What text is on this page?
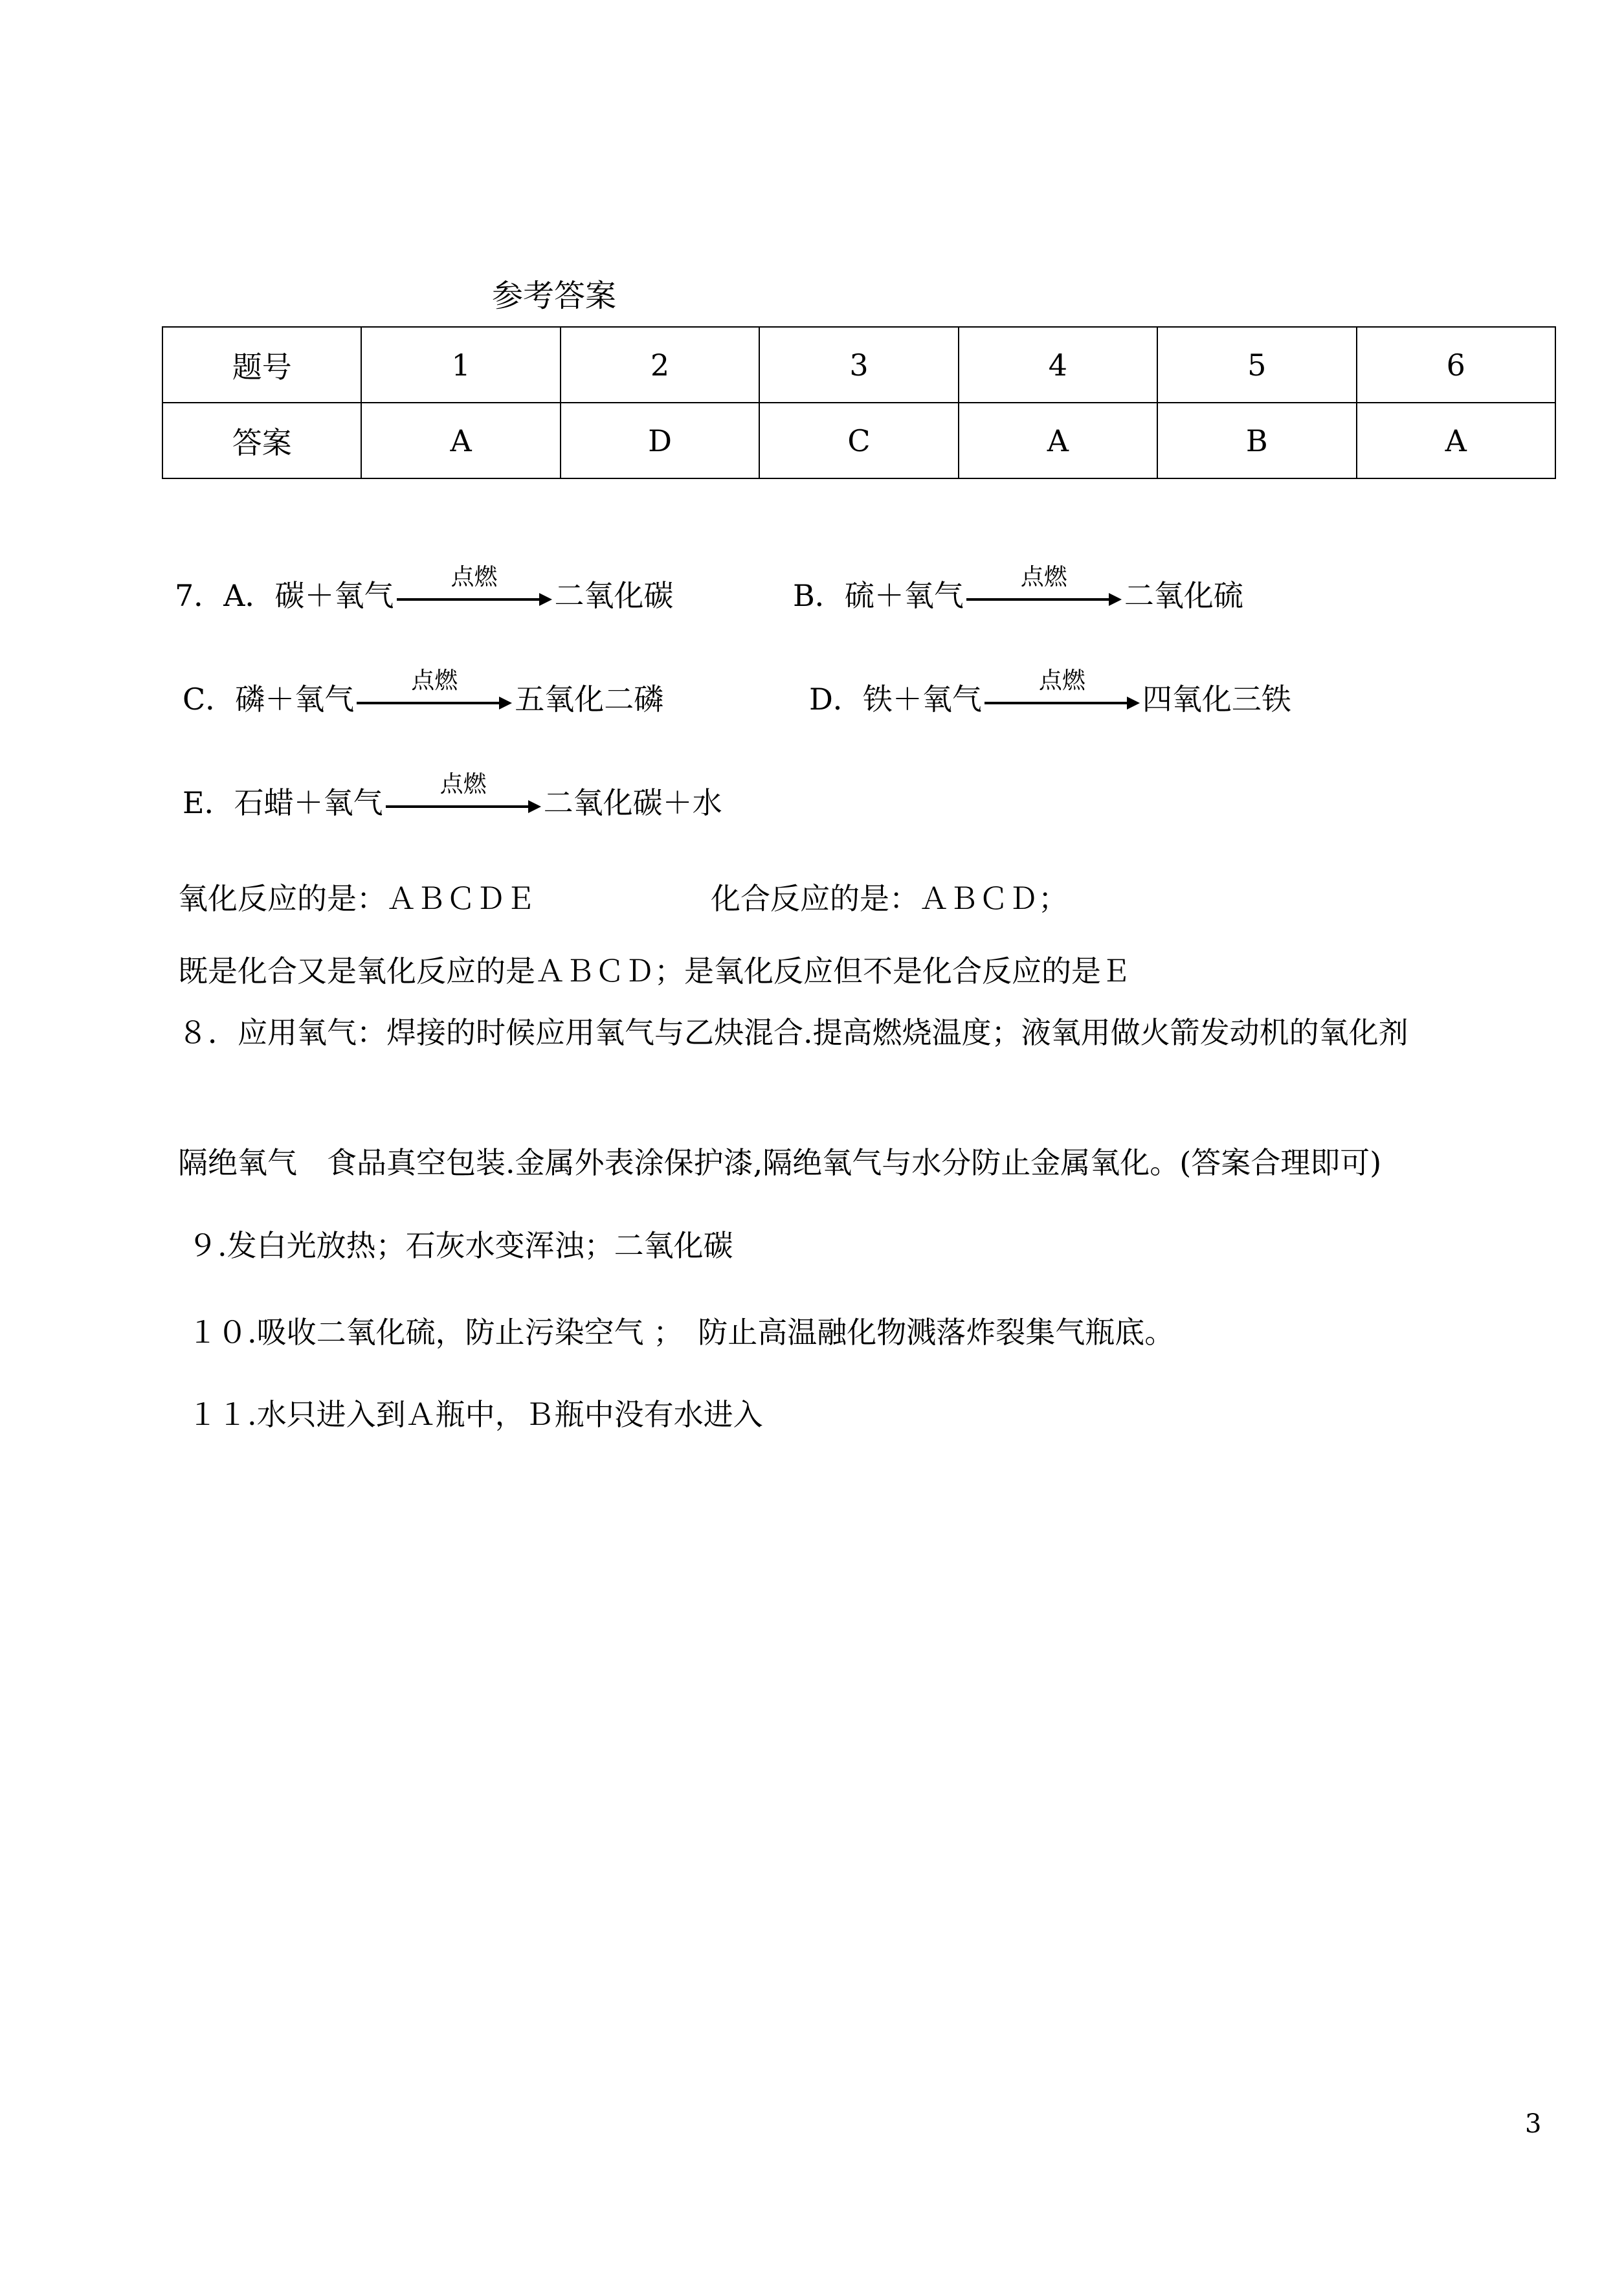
参考答案
题号	1	2	3	4	5	6
答案	A	D	C	A	B	A
7． A． 碳＋氧气
点燃
二氧化碳	B． 硫＋氧气
点燃
二氧化硫
C． 磷＋氧气
点燃
五氧化二磷	D． 铁＋氧气
点燃
四氧化三铁
E． 石蜡＋氧气
点燃
二氧化碳＋水
氧化反应的是：ＡＢＣＤＥ	化合反应的是：ＡＢＣＤ；
既是化合又是氧化反应的是ＡＢＣＤ；是氧化反应但不是化合反应的是Ｅ
８．应用氧气：焊接的时候应用氧气与乙炔混合.提高燃烧温度；液氧用做火箭发动机的氧化剂
隔绝氧气　食品真空包装.金属外表涂保护漆,隔绝氧气与水分防止金属氧化。(答案合理即可)
９.发白光放热；石灰水变浑浊；二氧化碳
１０.吸收二氧化硫，防止污染空气 ；　防止高温融化物溅落炸裂集气瓶底。
１１.水只进入到Ａ瓶中，Ｂ瓶中没有水进入
3
